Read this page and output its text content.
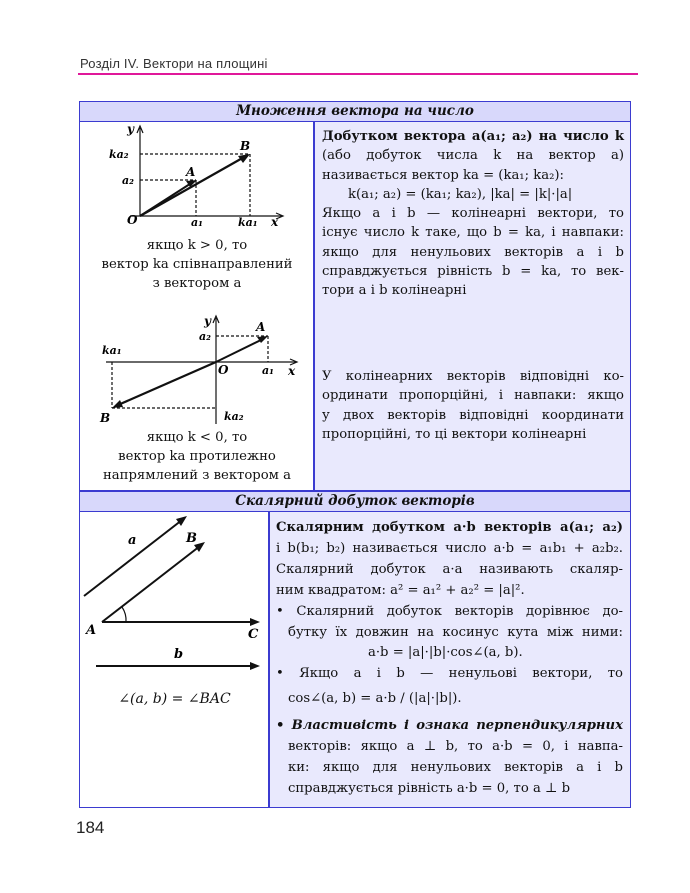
Розділ IV. Вектори на площині
Множення вектора на число
y
ka₂
a₂
O	a₁	ka₁ x
A
B
якщо k > 0, то
вектор ka співнаправлений
з вектором a
y	A
a₂
ka₁
O	a₁ x
B	ka₂
якщо k < 0, то
вектор ka протилежно
напрямлений з вектором a
Добутком вектора a(a₁; a₂) на число k
(або добуток числа k на вектор a)
називається вектор ka = (ka₁; ka₂):
k(a₁; a₂) = (ka₁; ka₂), |ka| = |k|·|a|
Якщо a і b — колінеарні вектори, то
існує число k таке, що b = ka, і навпаки:
якщо для ненульових векторів a і b
справджується рівність b = ka, то век-
тори a і b колінеарні
У колінеарних векторів відповідні ко-
ординати пропорційні, і навпаки: якщо
у двох векторів відповідні координати
пропорційні, то ці вектори колінеарні
Скалярний добуток векторів
a	B
A	C
b
∠(a, b) = ∠BAC
Скалярним добутком a·b векторів a(a₁; a₂)
і b(b₁; b₂) називається число a·b = a₁b₁ + a₂b₂.
Скалярний добуток a·a називають скаляр-
ним квадратом: a² = a₁² + a₂² = |a|².
• Скалярний добуток векторів дорівнює до-
бутку їх довжин на косинус кута між ними:
a·b = |a|·|b|·cos∠(a, b).
• Якщо a і b — ненульові вектори, то
cos∠(a, b) = a·b / (|a|·|b|).
• Властивість і ознака перпендикулярних
векторів: якщо a ⊥ b, то a·b = 0, і навпа-
ки: якщо для ненульових векторів a і b
справджується рівність a·b = 0, то a ⊥ b
184
